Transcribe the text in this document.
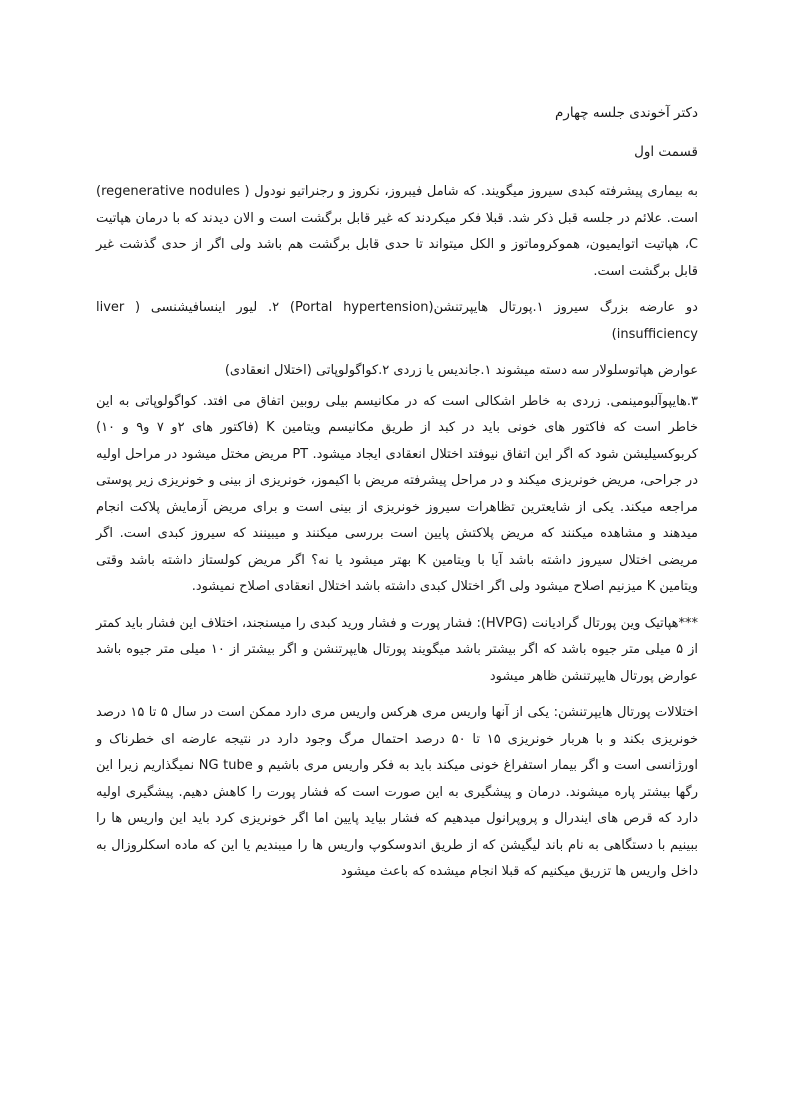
دکتر آخوندی جلسه چهارم

قسمت اول

به بیماری پیشرفته کبدی سیروز میگویند. که شامل فیبروز، نکروز و رجنراتیو نودول ( regenerative nodules) است. علائم در جلسه قبل ذکر شد. قبلا فکر میکردند که غیر قابل برگشت است و الان دیدند که با درمان هپاتیت C، هپاتیت اتوایمیون، هموکروماتوز و الکل میتواند تا حدی قابل برگشت هم باشد ولی اگر از حدی گذشت غیر قابل برگشت است.

دو عارضه بزرگ سیروز ۱.پورتال هایپرتنشن(Portal hypertension) ۲. لیور اینسافیشنسی ( liver insufficiency)

عوارض هپاتوسلولار سه دسته میشوند ۱.جاندیس یا زردی ۲.کواگولوپاتی (اختلال انعقادی)

۳.هایپوآلبومینمی. زردی به خاطر اشکالی است که در مکانیسم بیلی روبین اتفاق می افتد. کواگولوپاتی به این خاطر است که فاکتور های خونی باید در کبد از طریق مکانیسم ویتامین K (فاکتور های ۲و ۷ و۹ و ۱۰) کربوکسیلیشن شود که اگر این اتفاق نیوفتد اختلال انعقادی ایجاد میشود. PT مریض مختل میشود در مراحل اولیه در جراحی، مریض خونریزی میکند و در مراحل پیشرفته مریض با اکیموز، خونریزی از بینی و خونریزی زیر پوستی مراجعه میکند. یکی از شایعترین تظاهرات سیروز خونریزی از بینی است و برای مریض آزمایش پلاکت انجام میدهند و مشاهده میکنند که مریض پلاکتش پایین است بررسی میکنند و میبینند که سیروز کبدی است. اگر مریضی اختلال سیروز داشته باشد آیا با ویتامین K بهتر میشود یا نه؟ اگر مریض کولستاز داشته باشد وقتی ویتامین K میزنیم اصلاح میشود ولی اگر اختلال کبدی داشته باشد اختلال انعقادی اصلاح نمیشود.

***هپاتیک وین پورتال گرادیانت (HVPG): فشار پورت و فشار ورید کبدی را میسنجند، اختلاف این فشار باید کمتر از ۵ میلی متر جیوه باشد که اگر بیشتر باشد میگویند پورتال هایپرتنشن و اگر بیشتر از ۱۰ میلی متر جیوه باشد عوارض پورتال هایپرتنشن ظاهر میشود

اختلالات پورتال هایپرتنشن: یکی از آنها واریس مری هرکس واریس مری دارد ممکن است در سال ۵ تا ۱۵ درصد خونریزی بکند و با هربار خونریزی ۱۵ تا ۵۰ درصد احتمال مرگ وجود دارد در نتیجه عارضه ای خطرناک و اورژانسی است و اگر بیمار استفراغ خونی میکند باید به فکر واریس مری باشیم و NG tube نمیگذاریم زیرا این رگها بیشتر پاره میشوند. درمان و پیشگیری به این صورت است که فشار پورت را کاهش دهیم. پیشگیری اولیه دارد که قرص های ایندرال و پروپرانول میدهیم که فشار بیاید پایین اما اگر خونریزی کرد باید این واریس ها را ببینیم با دستگاهی به نام باند لیگیشن که از طریق اندوسکوپ واریس ها را میبندیم یا این که ماده اسکلروزال به داخل واریس ها تزریق میکنیم که قبلا انجام میشده که باعث میشود
